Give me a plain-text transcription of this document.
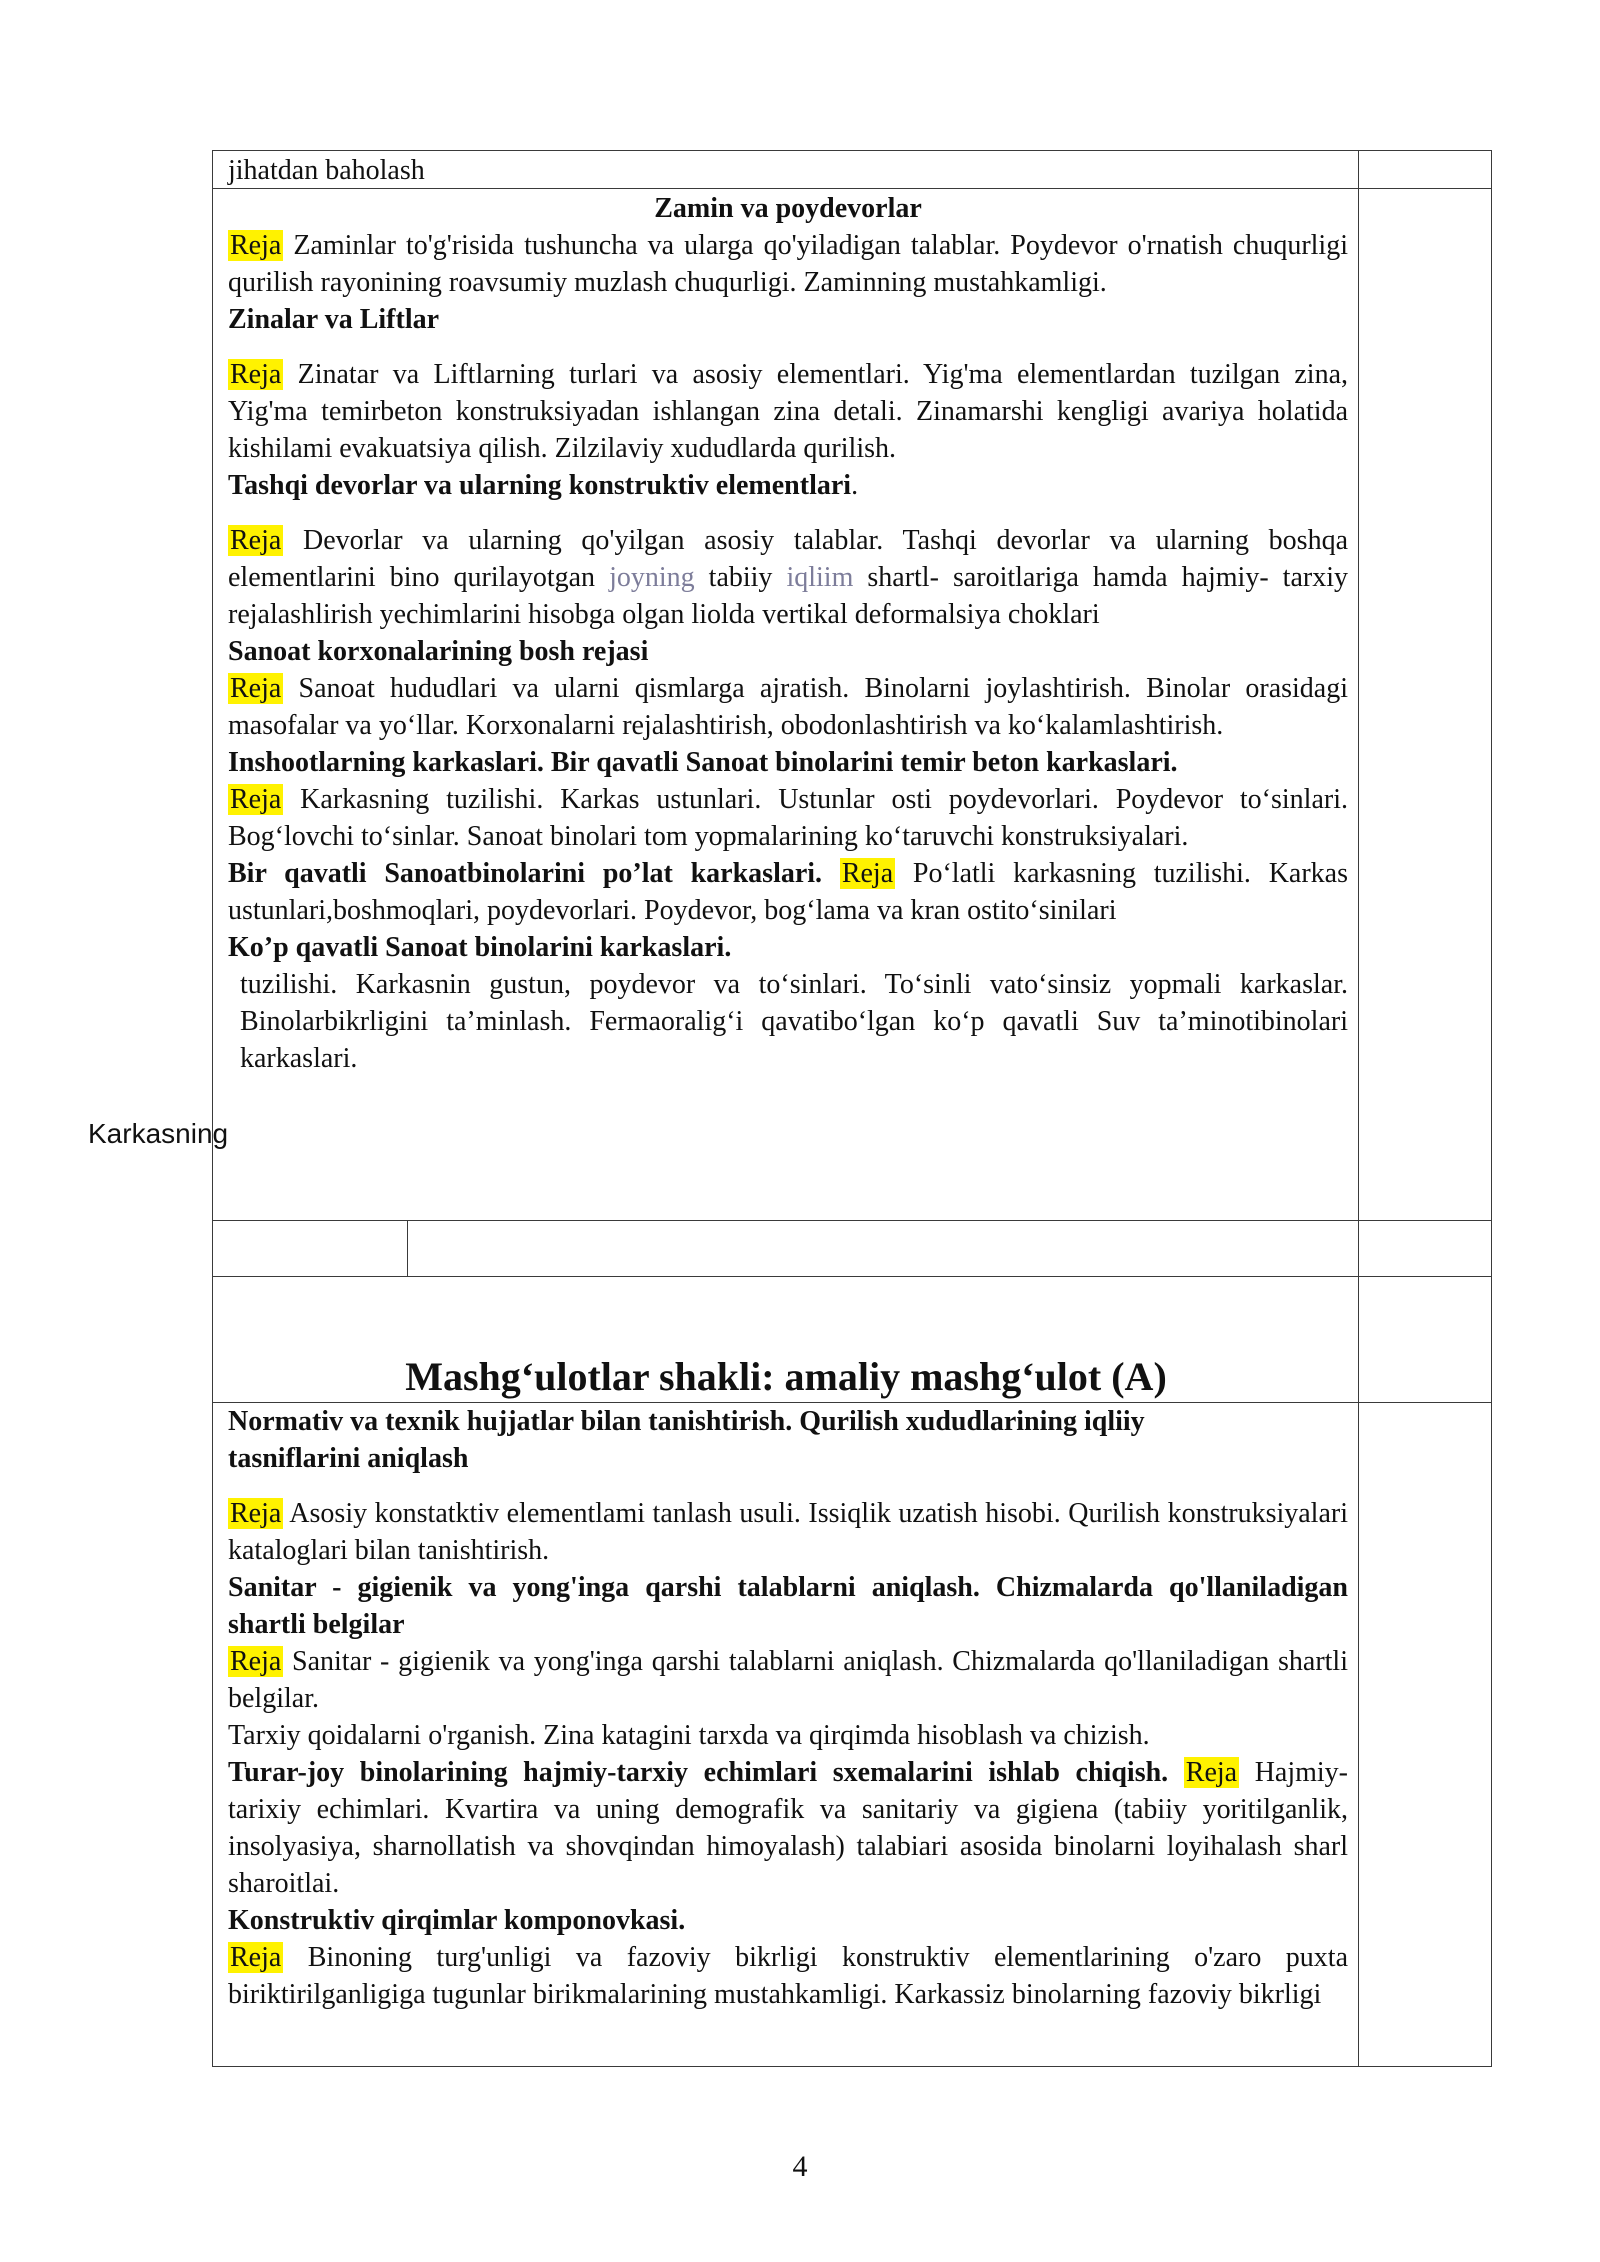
jihatdan baholash

Zamin va poydevorlar

Reja Zaminlar to'g'risida tushuncha va ularga qo'yiladigan talablar. Poydevor o'rnatish chuqurligi qurilish rayonining roavsumiy muzlash chuqurligi. Zaminning mustahkamligi.

Zinalar va Liftlar

Reja Zinatar va Liftlarning turlari va asosiy elementlari. Yig'ma elementlardan tuzilgan zina, Yig'ma temirbeton konstruksiyadan ishlangan zina detali. Zinamarshi kengligi avariya holatida kishilami evakuatsiya qilish. Zilzilaviy xududlarda qurilish.

Tashqi devorlar va ularning konstruktiv elementlari.

Reja Devorlar va ularning qo'yilgan asosiy talablar. Tashqi devorlar va ularning boshqa elementlarini bino qurilayotgan joyning tabiiy iqliim shartl- saroitlariga hamda hajmiy- tarxiy rejalashlirish yechimlarini hisobga olgan liolda vertikal deformalsiya choklari

Sanoat korxonalarining bosh rejasi

Reja Sanoat hududlari va ularni qismlarga ajratish. Binolarni joylashtirish. Binolar orasidagi masofalar va yo‘llar. Korxonalarni rejalashtirish, obodonlashtirish va ko‘kalamlashtirish.

Inshootlarning karkaslari. Bir qavatli Sanoat binolarini temir beton karkaslari.

Reja Karkasning tuzilishi. Karkas ustunlari. Ustunlar osti poydevorlari. Poydevor to‘sinlari. Bog‘lovchi to‘sinlar. Sanoat binolari tom yopmalarining ko‘taruvchi konstruksiyalari.

Bir qavatli Sanoatbinolarini po’lat karkaslari. Reja Po‘latli karkasning tuzilishi. Karkas ustunlari,boshmoqlari, poydevorlari. Poydevor, bog‘lama va kran ostito‘sinilari

Ko’p qavatli Sanoat binolarini karkaslari.

tuzilishi. Karkasnin gustun, poydevor va to‘sinlari. To‘sinli vato‘sinsiz yopmali karkaslar. Binolarbikrligini ta’minlash. Fermaoralig‘i qavatibo‘lgan ko‘p qavatli Suv ta’minotibinolari karkaslari.

Karkasning
Mashg‘ulotlar shakli: amaliy mashg‘ulot (A)

Normativ va texnik hujjatlar bilan tanishtirish. Qurilish xududlarining iqliiy tasniflarini aniqlash

Reja Asosiy konstatktiv elementlami tanlash usuli. Issiqlik uzatish hisobi. Qurilish konstruksiyalari kataloglari bilan tanishtirish.

Sanitar - gigienik va yong'inga qarshi talablarni aniqlash. Chizmalarda qo'llaniladigan shartli belgilar

Reja Sanitar - gigienik va yong'inga qarshi talablarni aniqlash. Chizmalarda qo'llaniladigan shartli belgilar.

Tarxiy qoidalarni o'rganish. Zina katagini tarxda va qirqimda hisoblash va chizish.

Turar-joy binolarining hajmiy-tarxiy echimlari sxemalarini ishlab chiqish. Reja Hajmiy-tarixiy echimlari. Kvartira va uning demografik va sanitariy va gigiena (tabiiy yoritilganlik, insolyasiya, sharnollatish va shovqindan himoyalash) talabiari asosida binolarni loyihalash sharl sharoitlai.

Konstruktiv qirqimlar komponovkasi.

Reja Binoning turg'unligi va fazoviy bikrligi konstruktiv elementlarining o'zaro puxta biriktirilganligiga tugunlar birikmalarining mustahkamligi. Karkassiz binolarning fazoviy bikrligi

4
